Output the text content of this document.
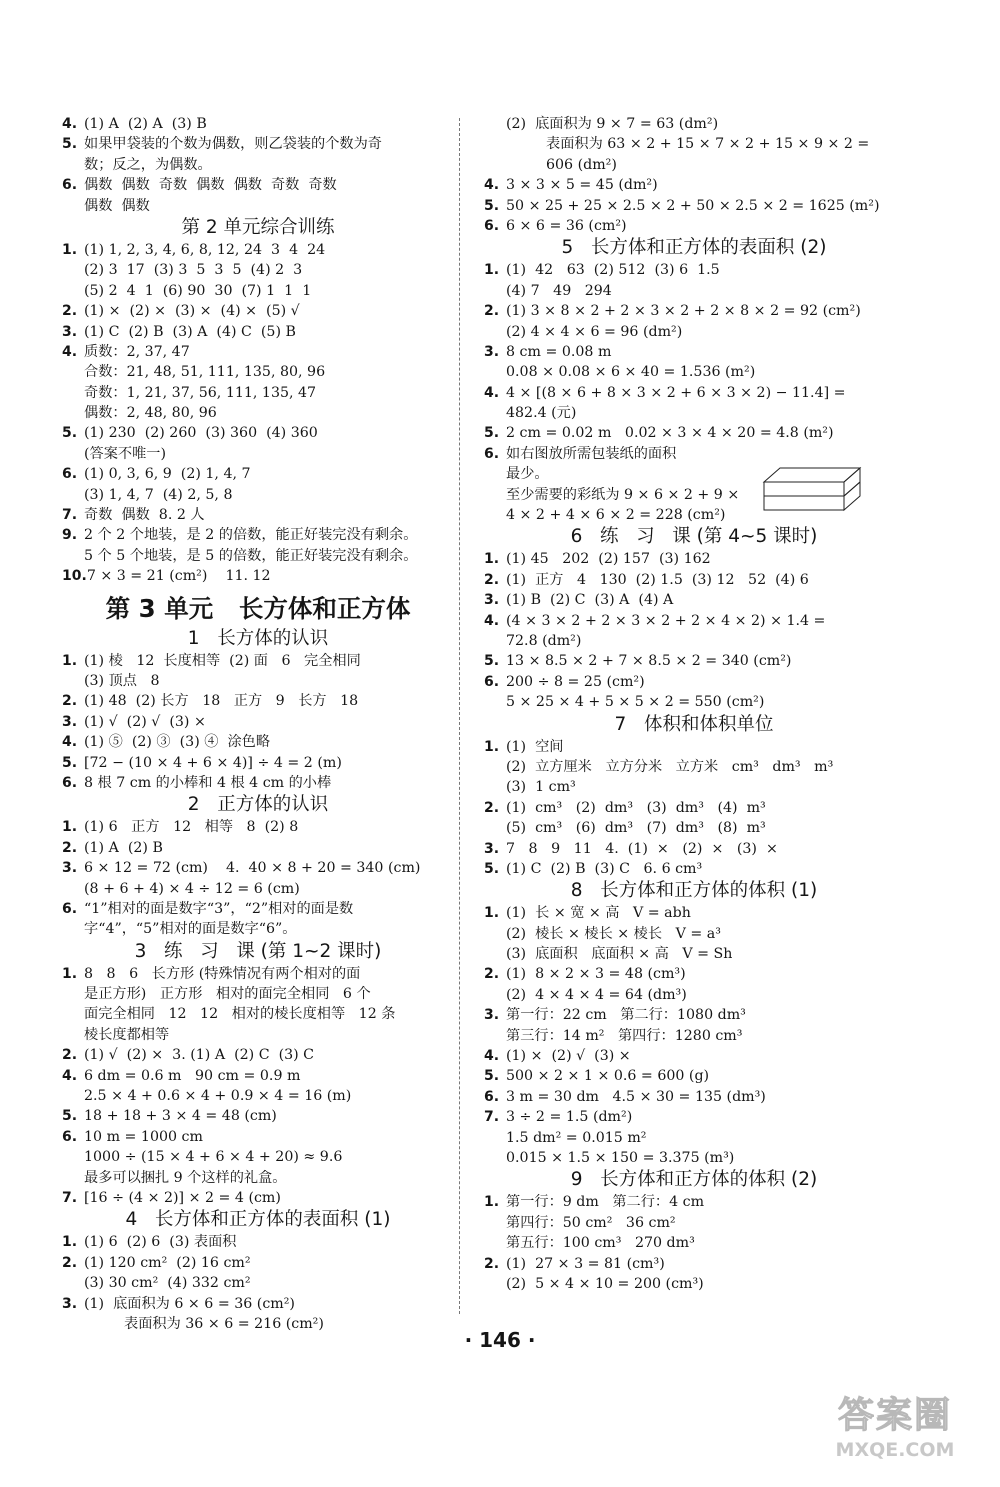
4. (1) A  (2) A  (3) B
5. 如果甲袋装的个数为偶数，则乙袋装的个数为奇
数；反之，为偶数。
6. 偶数  偶数  奇数  偶数  偶数  奇数  奇数
偶数  偶数
第 2 单元综合训练
1. (1) 1, 2, 3, 4, 6, 8, 12, 24  3  4  24
(2) 3  17  (3) 3  5  3  5  (4) 2  3
(5) 2  4  1  (6) 90  30  (7) 1  1  1
2. (1) ×  (2) ×  (3) ×  (4) ×  (5) √
3. (1) C  (2) B  (3) A  (4) C  (5) B
4. 质数：2, 37, 47
合数：21, 48, 51, 111, 135, 80, 96
奇数：1, 21, 37, 56, 111, 135, 47
偶数：2, 48, 80, 96
5. (1) 230  (2) 260  (3) 360  (4) 360
(答案不唯一)
6. (1) 0, 3, 6, 9  (2) 1, 4, 7
(3) 1, 4, 7  (4) 2, 5, 8
7. 奇数  偶数  8. 2 人
9. 2 个 2 个地装，是 2 的倍数，能正好装完没有剩余。
5 个 5 个地装，是 5 的倍数，能正好装完没有剩余。
10. 7 × 3 = 21 (cm²)    11. 12
第 3 单元   长方体和正方体
1   长方体的认识
1. (1) 棱   12  长度相等  (2) 面   6   完全相同
(3) 顶点   8
2. (1) 48  (2) 长方   18   正方   9   长方   18
3. (1) √  (2) √  (3) ×
4. (1) ⑤  (2) ③  (3) ④  涂色略
5. [72 − (10 × 4 + 6 × 4)] ÷ 4 = 2 (m)
6. 8 根 7 cm 的小棒和 4 根 4 cm 的小棒
2   正方体的认识
1. (1) 6   正方   12   相等   8  (2) 8
2. (1) A  (2) B
3. 6 × 12 = 72 (cm)    4.  40 × 8 + 20 = 340 (cm)
(8 + 6 + 4) × 4 ÷ 12 = 6 (cm)
6. “1”相对的面是数字“3”，“2”相对的面是数
字“4”，“5”相对的面是数字“6”。
3   练   习   课 (第 1~2 课时)
1. 8   8   6   长方形 (特殊情况有两个相对的面
是正方形)   正方形   相对的面完全相同   6 个
面完全相同   12   12   相对的棱长度相等   12 条
棱长度都相等
2. (1) √  (2) ×  3. (1) A  (2) C  (3) C
4. 6 dm = 0.6 m   90 cm = 0.9 m
2.5 × 4 + 0.6 × 4 + 0.9 × 4 = 16 (m)
5. 18 + 18 + 3 × 4 = 48 (cm)
6. 10 m = 1000 cm
1000 ÷ (15 × 4 + 6 × 4 + 20) ≈ 9.6
最多可以捆扎 9 个这样的礼盒。
7. [16 ÷ (4 × 2)] × 2 = 4 (cm)
4   长方体和正方体的表面积 (1)
1. (1) 6  (2) 6  (3) 表面积
2. (1) 120 cm²  (2) 16 cm²
(3) 30 cm²  (4) 332 cm²
3. (1)  底面积为 6 × 6 = 36 (cm²)
表面积为 36 × 6 = 216 (cm²)
(2)  底面积为 9 × 7 = 63 (dm²)
表面积为 63 × 2 + 15 × 7 × 2 + 15 × 9 × 2 =
606 (dm²)
4. 3 × 3 × 5 = 45 (dm²)
5. 50 × 25 + 25 × 2.5 × 2 + 50 × 2.5 × 2 = 1625 (m²)
6. 6 × 6 = 36 (cm²)
5   长方体和正方体的表面积 (2)
1. (1)  42   63  (2) 512  (3) 6  1.5
(4) 7   49   294
2. (1) 3 × 8 × 2 + 2 × 3 × 2 + 2 × 8 × 2 = 92 (cm²)
(2) 4 × 4 × 6 = 96 (dm²)
3. 8 cm = 0.08 m
0.08 × 0.08 × 6 × 40 = 1.536 (m²)
4. 4 × [(8 × 6 + 8 × 3 × 2 + 6 × 3 × 2) − 11.4] =
482.4 (元)
5. 2 cm = 0.02 m   0.02 × 3 × 4 × 20 = 4.8 (m²)
6. 如右图放所需包装纸的面积
最少。
至少需要的彩纸为 9 × 6 × 2 + 9 ×
4 × 2 + 4 × 6 × 2 = 228 (cm²)
6   练   习   课 (第 4~5 课时)
1. (1) 45   202  (2) 157  (3) 162
2. (1)  正方   4   130  (2) 1.5  (3) 12   52  (4) 6
3. (1) B  (2) C  (3) A  (4) A
4. (4 × 3 × 2 + 2 × 3 × 2 + 2 × 4 × 2) × 1.4 =
72.8 (dm²)
5. 13 × 8.5 × 2 + 7 × 8.5 × 2 = 340 (cm²)
6. 200 ÷ 8 = 25 (cm²)
5 × 25 × 4 + 5 × 5 × 2 = 550 (cm²)
7   体积和体积单位
1. (1)  空间
(2)  立方厘米   立方分米   立方米   cm³   dm³   m³
(3)  1 cm³
2. (1)  cm³   (2)  dm³   (3)  dm³   (4)  m³
(5)  cm³   (6)  dm³   (7)  dm³   (8)  m³
3. 7   8   9   11   4.  (1)  ×   (2)  ×   (3)  ×
5. (1) C  (2) B  (3) C   6. 6 cm³
8   长方体和正方体的体积 (1)
1. (1)  长 × 宽 × 高   V = abh
(2)  棱长 × 棱长 × 棱长   V = a³
(3)  底面积   底面积 × 高   V = Sh
2. (1)  8 × 2 × 3 = 48 (cm³)
(2)  4 × 4 × 4 = 64 (dm³)
3. 第一行：22 cm   第二行：1080 dm³
第三行：14 m²   第四行：1280 cm³
4. (1) ×  (2) √  (3) ×
5. 500 × 2 × 1 × 0.6 = 600 (g)
6. 3 m = 30 dm   4.5 × 30 = 135 (dm³)
7. 3 ÷ 2 = 1.5 (dm²)
1.5 dm² = 0.015 m²
0.015 × 1.5 × 150 = 3.375 (m³)
9   长方体和正方体的体积 (2)
1. 第一行：9 dm   第二行：4 cm
第四行：50 cm²   36 cm²
第五行：100 cm³   270 dm³
2. (1)  27 × 3 = 81 (cm³)
(2)  5 × 4 × 10 = 200 (cm³)
· 146 ·
答案圈
MXQE.COM
